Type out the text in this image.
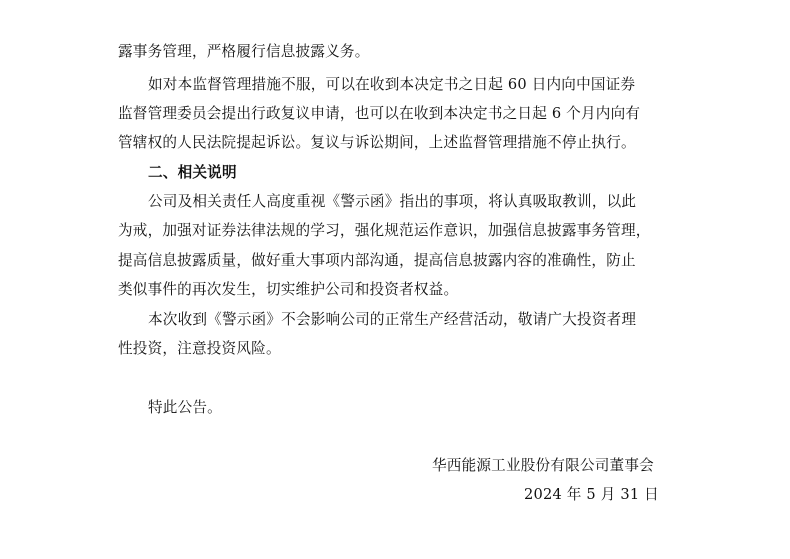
露事务管理，严格履行信息披露义务。
如对本监督管理措施不服，可以在收到本决定书之日起 60 日内向中国证券
监督管理委员会提出行政复议申请，也可以在收到本决定书之日起 6 个月内向有
管辖权的人民法院提起诉讼。复议与诉讼期间，上述监督管理措施不停止执行。
二、相关说明
公司及相关责任人高度重视《警示函》指出的事项，将认真吸取教训，以此
为戒，加强对证券法律法规的学习，强化规范运作意识，加强信息披露事务管理，
提高信息披露质量，做好重大事项内部沟通，提高信息披露内容的准确性，防止
类似事件的再次发生，切实维护公司和投资者权益。
本次收到《警示函》不会影响公司的正常生产经营活动，敬请广大投资者理
性投资，注意投资风险。
特此公告。
华西能源工业股份有限公司董事会
2024 年 5 月 31 日
